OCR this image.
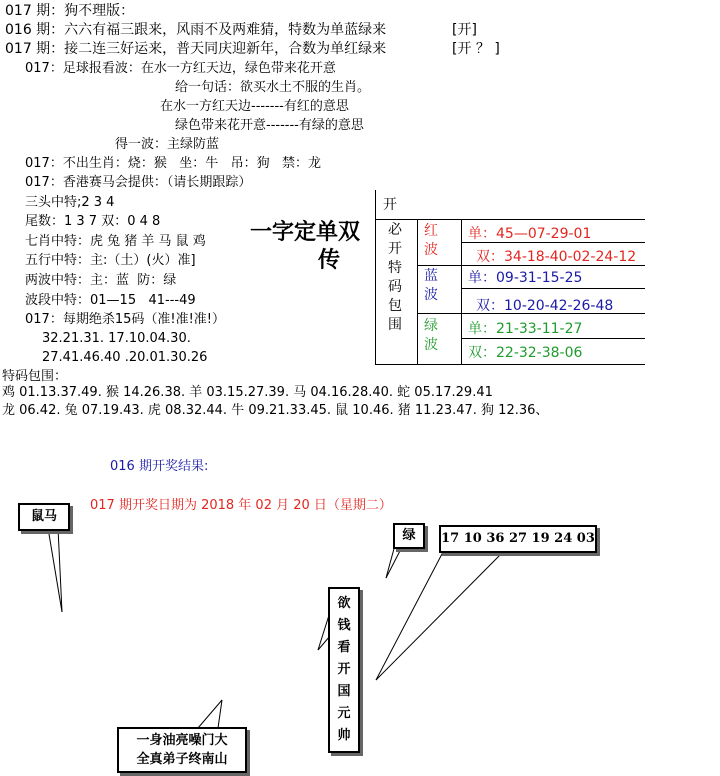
017 期：狗不理版：
016 期：六六有福三跟来，风雨不及两难猜，特数为单蓝绿来	[开]
017 期：接二连三好运来，普天同庆迎新年，合数为单红绿来	[开 ？ ]
017：足球报看波：在水一方红天边，绿色带来花开意
给一句话：欲买水土不服的生肖。
在水一方红天边-------有红的意思
绿色带来花开意-------有绿的意思
得一波：主绿防蓝
017：不出生肖：烧：猴   坐：牛   吊：狗   禁：龙
017：香港赛马会提供：（请长期跟踪）
三头中特;2 3 4
尾数：1 3 7 双：0 4 8
七肖中特：虎 兔 猪 羊 马 鼠 鸡
五行中特：主:（土）(火）准]
两波中特：主：蓝  防：绿
波段中特：01—15   41---49
017：每期绝杀15码（准!准!准!）
32.21.31. 17.10.04.30.
27.41.46.40 .20.01.30.26
一字定单双
传
开
必
开
特
码
包
围
红
波
单：45—07-29-01
双：34-18-40-02-24-12
蓝
波
单：09-31-15-25
双：10-20-42-26-48
绿
波
单：21-33-11-27
双：22-32-38-06
特码包围：
鸡 01.13.37.49. 猴 14.26.38. 羊 03.15.27.39. 马 04.16.28.40. 蛇 05.17.29.41
龙 06.42. 兔 07.19.43. 虎 08.32.44. 牛 09.21.33.45. 鼠 10.46. 猪 11.23.47. 狗 12.36、
016 期开奖结果:
017 期开奖日期为 2018 年 02 月 20 日（星期二）
鼠马
绿	17 10 36 27 19 24 03
欲
钱
看
开
国
元
帅
一身油亮噪门大
全真弟子终南山
